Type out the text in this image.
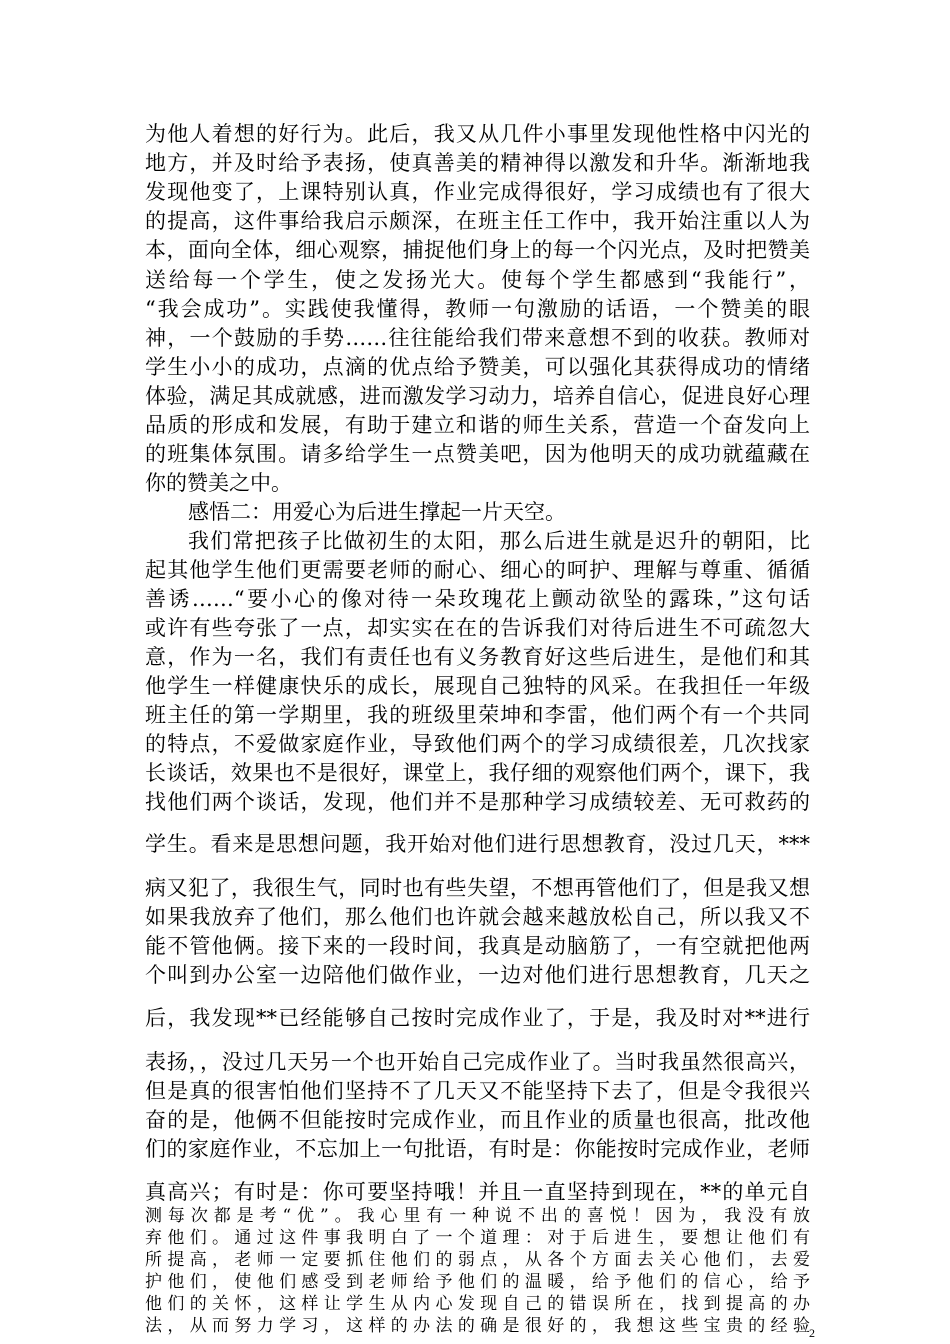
为他人着想的好行为。此后，我又从几件小事里发现他性格中闪光的
地方，并及时给予表扬，使真善美的精神得以激发和升华。渐渐地我
发现他变了，上课特别认真，作业完成得很好，学习成绩也有了很大
的提高，这件事给我启示颇深，在班主任工作中，我开始注重以人为
本，面向全体，细心观察，捕捉他们身上的每一个闪光点，及时把赞美
送给每一个学生，使之发扬光大。使每个学生都感到“我能行”，
“我会成功”。实践使我懂得，教师一句激励的话语，一个赞美的眼
神，一个鼓励的手势……往往能给我们带来意想不到的收获。教师对
学生小小的成功，点滴的优点给予赞美，可以强化其获得成功的情绪
体验，满足其成就感，进而激发学习动力，培养自信心，促进良好心理
品质的形成和发展，有助于建立和谐的师生关系，营造一个奋发向上
的班集体氛围。请多给学生一点赞美吧，因为他明天的成功就蕴藏在
你的赞美之中。
感悟二：用爱心为后进生撑起一片天空。
我们常把孩子比做初生的太阳，那么后进生就是迟升的朝阳，比
起其他学生他们更需要老师的耐心、细心的呵护、理解与尊重、循循
善诱……“要小心的像对待一朵玫瑰花上颤动欲坠的露珠，”这句话
或许有些夸张了一点，却实实在在的告诉我们对待后进生不可疏忽大
意，作为一名，我们有责任也有义务教育好这些后进生，是他们和其
他学生一样健康快乐的成长，展现自己独特的风采。在我担任一年级
班主任的第一学期里，我的班级里荣坤和李雷，他们两个有一个共同
的特点，不爱做家庭作业，导致他们两个的学习成绩很差，几次找家
长谈话，效果也不是很好，课堂上，我仔细的观察他们两个，课下，我
找他们两个谈话，发现，他们并不是那种学习成绩较差、无可救药的
学生。看来是思想问题，我开始对他们进行思想教育，没过几天，***
病又犯了，我很生气，同时也有些失望，不想再管他们了，但是我又想
如果我放弃了他们，那么他们也许就会越来越放松自己，所以我又不
能不管他俩。接下来的一段时间，我真是动脑筋了，一有空就把他两
个叫到办公室一边陪他们做作业，一边对他们进行思想教育，几天之
后，我发现**已经能够自己按时完成作业了，于是，我及时对**进行
表扬，，没过几天另一个也开始自己完成作业了。当时我虽然很高兴，
但是真的很害怕他们坚持不了几天又不能坚持下去了，但是令我很兴
奋的是，他俩不但能按时完成作业，而且作业的质量也很高，批改他
们的家庭作业，不忘加上一句批语，有时是：你能按时完成作业，老师
真高兴；有时是：你可要坚持哦！并且一直坚持到现在，**的单元自
测每次都是考“优”。我心里有一种说不出的喜悦！因为，我没有放
弃他们。通过这件事我明白了一个道理：对于后进生，要想让他们有
所提高，老师一定要抓住他们的弱点，从各个方面去关心他们，去爱
2
护他们，使他们感受到老师给予他们的温暖，给予他们的信心，给予
他们的关怀，这样让学生从内心发现自己的错误所在，找到提高的办
法，从而努力学习，这样的办法的确是很好的，我想这些宝贵的经验
